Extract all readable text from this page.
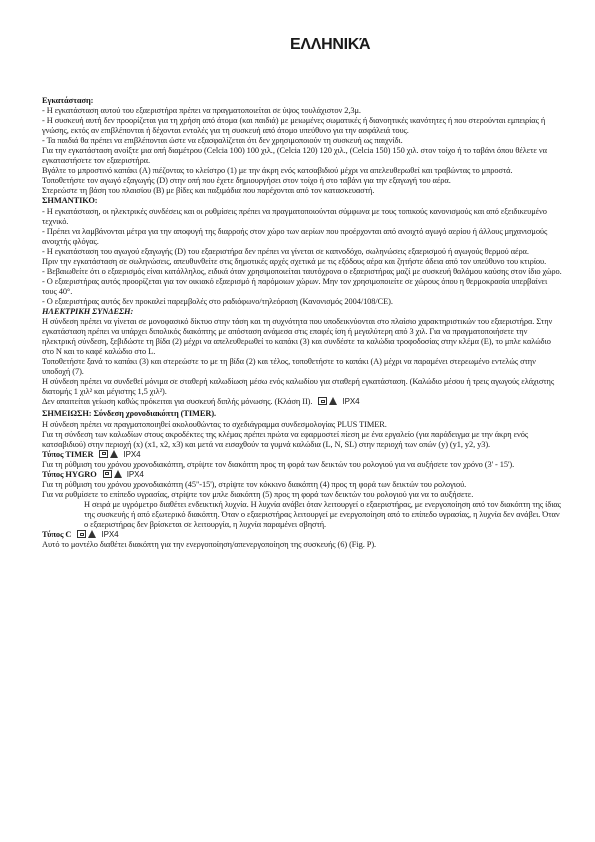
ΕΛΛΗΝΙΚΆ

Εγκατάσταση:

- Η εγκατάσταση αυτού του εξαεριστήρα πρέπει να πραγματοποιείται σε ύψος τουλάχιστον 2,3μ.

- Η συσκευή αυτή δεν προορίζεται για τη χρήση από άτομα (και παιδιά) με μειωμένες σωματικές ή διανοητικές ικανότητες ή που στερούνται εμπειρίας ή γνώσης, εκτός αν επιβλέπονται ή δέχονται εντολές για τη συσκευή από άτομο υπεύθυνο για την ασφάλειά τους.

- Τα παιδιά θα πρέπει να επιβλέπονται ώστε να εξασφαλίζεται ότι δεν χρησιμοποιούν τη συσκευή ως παιχνίδι.

Για την εγκατάσταση ανοίξτε μια οπή διαμέτρου (Celcia 100) 100 χιλ., (Celcia 120) 120 χιλ., (Celcia 150) 150 χιλ. στον τοίχο ή το ταβάνι όπου θέλετε να εγκαταστήσετε τον εξαεριστήρα.

Βγάλτε το μπροστινό καπάκι (A) πιέζοντας το κλείστρο (1) με την άκρη ενός κατσαβιδιού μέχρι να απελευθερωθεί και τραβώντας το μπροστά.

Τοποθετήστε τον αγωγό εξαγωγής (D) στην οπή που έχετε δημιουργήσει στον τοίχο ή στο ταβάνι για την εξαγωγή του αέρα.

Στερεώστε τη βάση του πλαισίου (B) με βίδες και παξιμάδια που παρέχονται από τον κατασκευαστή.

ΣΗΜΑΝΤΙΚΟ:

- Η εγκατάσταση, οι ηλεκτρικές συνδέσεις και οι ρυθμίσεις πρέπει να πραγματοποιούνται σύμφωνα με τους τοπικούς κανονισμούς και από εξειδικευμένο τεχνικό.

- Πρέπει να λαμβάνονται μέτρα για την αποφυγή της διαρροής στον χώρο των αερίων που προέρχονται από ανοιχτό αγωγό αερίου ή άλλους μηχανισμούς ανοιχτής φλόγας.

- Η εγκατάσταση του αγωγού εξαγωγής (D) του εξαεριστήρα δεν πρέπει να γίνεται σε καπνοδόχο, σωληνώσεις εξαερισμού ή αγωγούς θερμού αέρα.

Πριν την εγκατάσταση σε σωληνώσεις, απευθυνθείτε στις δημοτικές αρχές σχετικά με τις εξόδους αέρα και ζητήστε άδεια από τον υπεύθυνο του κτιρίου.

- Βεβαιωθείτε ότι ο εξαερισμός είναι κατάλληλος, ειδικά όταν χρησιμοποιείται ταυτόχρονα ο εξαεριστήρας μαζί με συσκευή θαλάμου καύσης στον ίδιο χώρο.

- Ο εξαεριστήρας αυτός προορίζεται για τον οικιακό εξαερισμό ή παρόμοιων χώρων. Μην τον χρησιμοποιείτε σε χώρους όπου η θερμοκρασία υπερβαίνει τους 40°.

- Ο εξαεριστήρας αυτός δεν προκαλεί παρεμβολές στο ραδιόφωνο/τηλεόραση (Κανονισμός 2004/108/CE).

ΗΛΕΚΤΡΙΚΗ ΣΥΝΔΕΣΗ:

Η σύνδεση πρέπει να γίνεται σε μονοφασικό δίκτυο στην τάση και τη συχνότητα που υποδεικνύονται στο πλαίσιο χαρακτηριστικών του εξαεριστήρα. Στην εγκατάσταση πρέπει να υπάρχει διπολικός διακόπτης με απόσταση ανάμεσα στις επαφές ίση ή μεγαλύτερη από 3 χιλ. Για να πραγματοποιήσετε την ηλεκτρική σύνδεση, ξεβιδώστε τη βίδα (2) μέχρι να απελευθερωθεί το καπάκι (3) και συνδέστε τα καλώδια τροφοδοσίας στην κλέμα (E), το μπλε καλώδιο στο N και το καφέ καλώδιο στο L.

Τοποθετήστε ξανά το καπάκι (3) και στερεώστε το με τη βίδα (2) και τέλος, τοποθετήστε το καπάκι (A) μέχρι να παραμένει στερεωμένο εντελώς στην υποδοχή (7).

Η σύνδεση πρέπει να συνδεθεί μόνιμα σε σταθερή καλωδίωση μέσω ενός καλωδίου για σταθερή εγκατάσταση. (Καλώδιο μέσου ή τρεις αγωγούς ελάχιστης διατομής 1 χιλ² και μέγιστης 1,5 χιλ²).

Δεν απαιτείται γείωση καθώς πρόκειται για συσκευή διπλής μόνωσης. (Κλάση II).	IPX4

ΣΗΜΕΙΩΣΗ: Σύνδεση χρονοδιακόπτη (TIMER).

Η σύνδεση πρέπει να πραγματοποιηθεί ακολουθώντας το σχεδιάγραμμα συνδεσμολογίας PLUS TIMER.

Για τη σύνδεση των καλωδίων στους ακροδέκτες της κλέμας πρέπει πρώτα να εφαρμοστεί πίεση με ένα εργαλείο (για παράδειγμα με την άκρη ενός κατσαβιδιού) στην περιοχή (x) (x1, x2, x3) και μετά να εισαχθούν τα γυμνά καλώδια (L, N, SL) στην περιοχή των οπών (y) (y1, y2, y3).

Τύπος TIMER	IPX4

Για τη ρύθμιση του χρόνου χρονοδιακόπτη, στρίψτε τον διακόπτη προς τη φορά των δεικτών του ρολογιού για να αυξήσετε τον χρόνο (3' - 15').

Τύπος HYGRO	IPX4

Για τη ρύθμιση του χρόνου χρονοδιακόπτη (45"-15'), στρίψτε τον κόκκινο διακόπτη (4) προς τη φορά των δεικτών του ρολογιού.

Για να ρυθμίσετε το επίπεδο υγρασίας, στρίψτε τον μπλε διακόπτη (5) προς τη φορά των δεικτών του ρολογιού για να το αυξήσετε.

Η σειρά με υγρόμετρο διαθέτει ενδεικτική λυχνία. Η λυχνία ανάβει όταν λειτουργεί ο εξαεριστήρας, με ενεργοποίηση από τον διακόπτη της ίδιας της συσκευής ή από εξωτερικό διακόπτη. Όταν ο εξαεριστήρας λειτουργεί με ενεργοποίηση από το επίπεδο υγρασίας, η λυχνία δεν ανάβει. Όταν ο εξαεριστήρας δεν βρίσκεται σε λειτουργία, η λυχνία παραμένει σβηστή.

Τύπος C	IPX4

Αυτό το μοντέλο διαθέτει διακόπτη για την ενεργοποίηση/απενεργοποίηση της συσκευής (6) (Fig. P).
